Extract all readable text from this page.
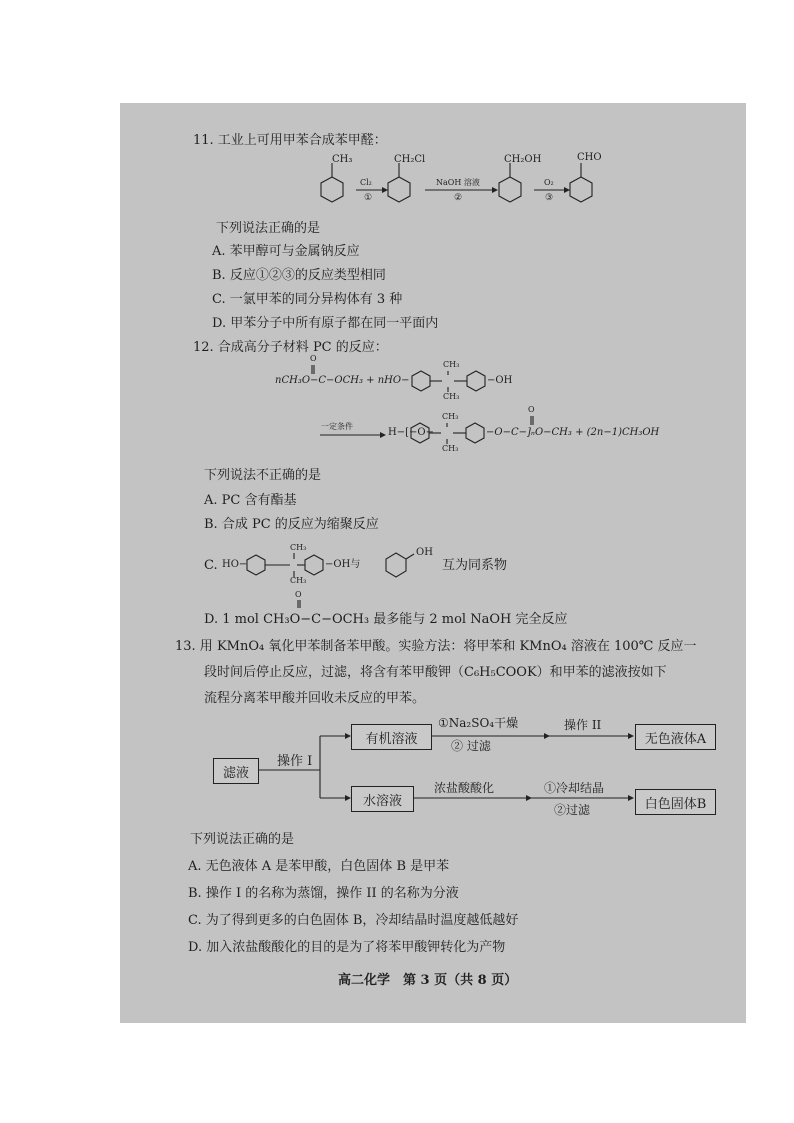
11. 工业上可用甲苯合成苯甲醛：
CH₃	CH₂Cl	CH₂OH	CHO
Cl₂
①
NaOH 溶液
②
O₂
③
下列说法正确的是
A. 苯甲醇可与金属钠反应
B. 反应①②③的反应类型相同
C. 一氯甲苯的同分异构体有 3 种
D. 甲苯分子中所有原子都在同一平面内
12. 合成高分子材料 PC 的反应：
nCH₃O−C−OCH₃ + nHO−	−OH
CH₃
CH₃
O
一定条件
H−[−O−	−O−C−]ₙO−CH₃ + (2n−1)CH₃OH
CH₃
CH₃
O
下列说法不正确的是
A. PC 含有酯基
B. 合成 PC 的反应为缩聚反应
C. HO−
CH₃
CH₃
−OH与
OH
互为同系物
D. 1 mol CH₃O−C−OCH₃ 最多能与 2 mol NaOH 完全反应
O
13. 用 KMnO₄ 氧化甲苯制备苯甲酸。实验方法：将甲苯和 KMnO₄ 溶液在 100℃ 反应一
段时间后停止反应，过滤，将含有苯甲酸钾（C₆H₅COOK）和甲苯的滤液按如下
流程分离苯甲酸并回收未反应的甲苯。
滤液
操作 I
有机溶液
①Na₂SO₄干燥
② 过滤
操作 II
无色液体A
水溶液
浓盐酸酸化	①冷却结晶
②过滤	白色固体B
下列说法正确的是
A. 无色液体 A 是苯甲酸，白色固体 B 是甲苯
B. 操作 I 的名称为蒸馏，操作 II 的名称为分液
C. 为了得到更多的白色固体 B，冷却结晶时温度越低越好
D. 加入浓盐酸酸化的目的是为了将苯甲酸钾转化为产物
高二化学　第 3 页（共 8 页）
